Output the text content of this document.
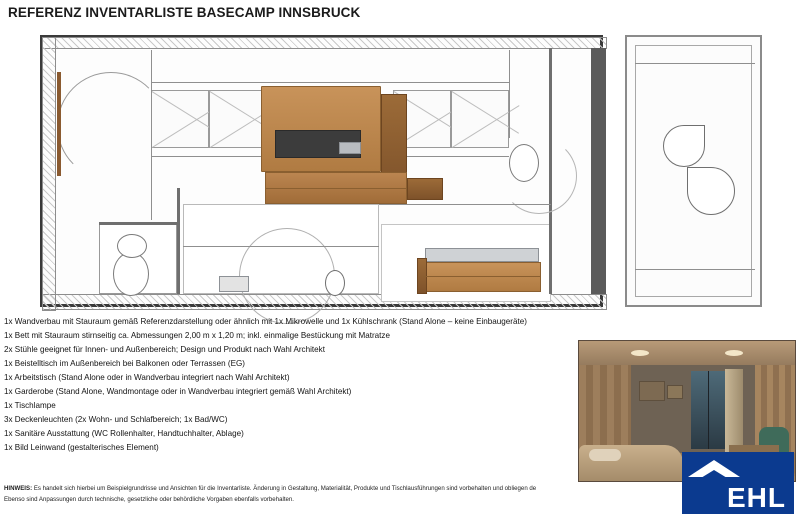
REFERENZ INVENTARLISTE BASECAMP INNSBRUCK
1x Wandverbau mit Stauraum gemäß Referenzdarstellung oder ähnlich mit 1x Mikrowelle und 1x Kühlschrank (Stand Alone – keine Einbaugeräte)
1x Bett mit Stauraum stirnseitig ca. Abmessungen 2,00 m x 1,20 m; inkl. einmalige Bestückung mit Matratze
2x Stühle geeignet für Innen- und Außenbereich; Design und Produkt nach Wahl Architekt
1x Beistelltisch im Außenbereich bei Balkonen oder Terrassen (EG)
1x Arbeitstisch (Stand Alone oder in Wandverbau integriert nach Wahl Architekt)
1x Garderobe (Stand Alone, Wandmontage oder in Wandverbau integriert gemäß Wahl Architekt)
1x Tischlampe
3x Deckenleuchten (2x Wohn- und Schlafbereich; 1x Bad/WC)
1x Sanitäre Ausstattung (WC Rollenhalter, Handtuchhalter, Ablage)
1x Bild Leinwand (gestalterisches Element)
HINWEIS: Es handelt sich hierbei um Beispielgrundrisse und Ansichten für die Inventarliste. Änderung in Gestaltung, Materialität, Produkte und Tischlausführungen sind vorbehalten und obliegen de
Ebenso sind Anpassungen durch technische, gesetzliche oder behördliche Vorgaben ebenfalls vorbehalten.	EHL
